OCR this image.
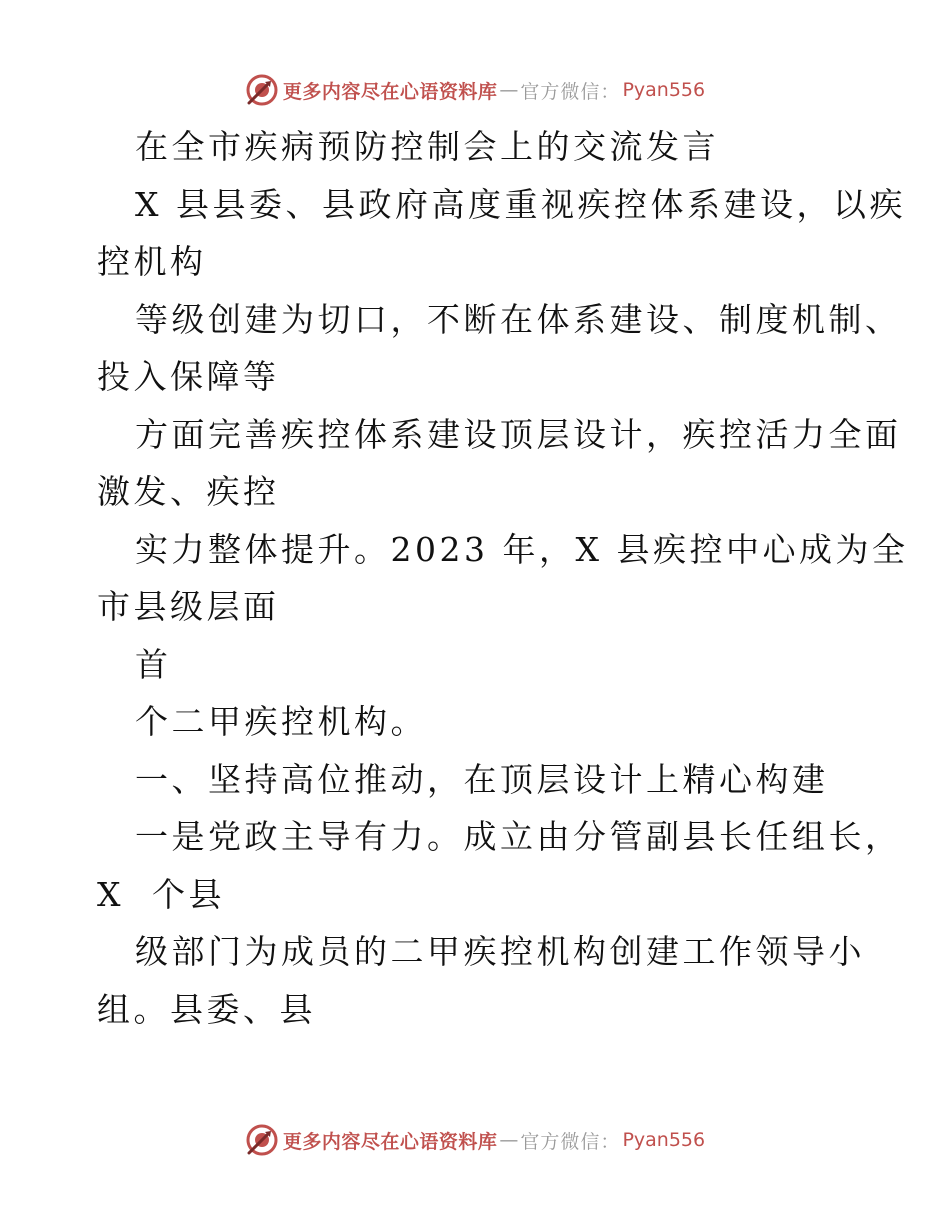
更多内容尽在心语资料库 — 官方微信： Pyan556

在全市疾病预防控制会上的交流发言

X 县县委、县政府高度重视疾控体系建设，以疾

控机构

等级创建为切口，不断在体系建设、制度机制、

投入保障等

方面完善疾控体系建设顶层设计，疾控活力全面

激发、疾控

实力整体提升。2023 年，X 县疾控中心成为全

市县级层面

首

个二甲疾控机构。

一、坚持高位推动，在顶层设计上精心构建

一是党政主导有力。成立由分管副县长任组长，

X  个县

级部门为成员的二甲疾控机构创建工作领导小

组。县委、县

更多内容尽在心语资料库 — 官方微信： Pyan556
